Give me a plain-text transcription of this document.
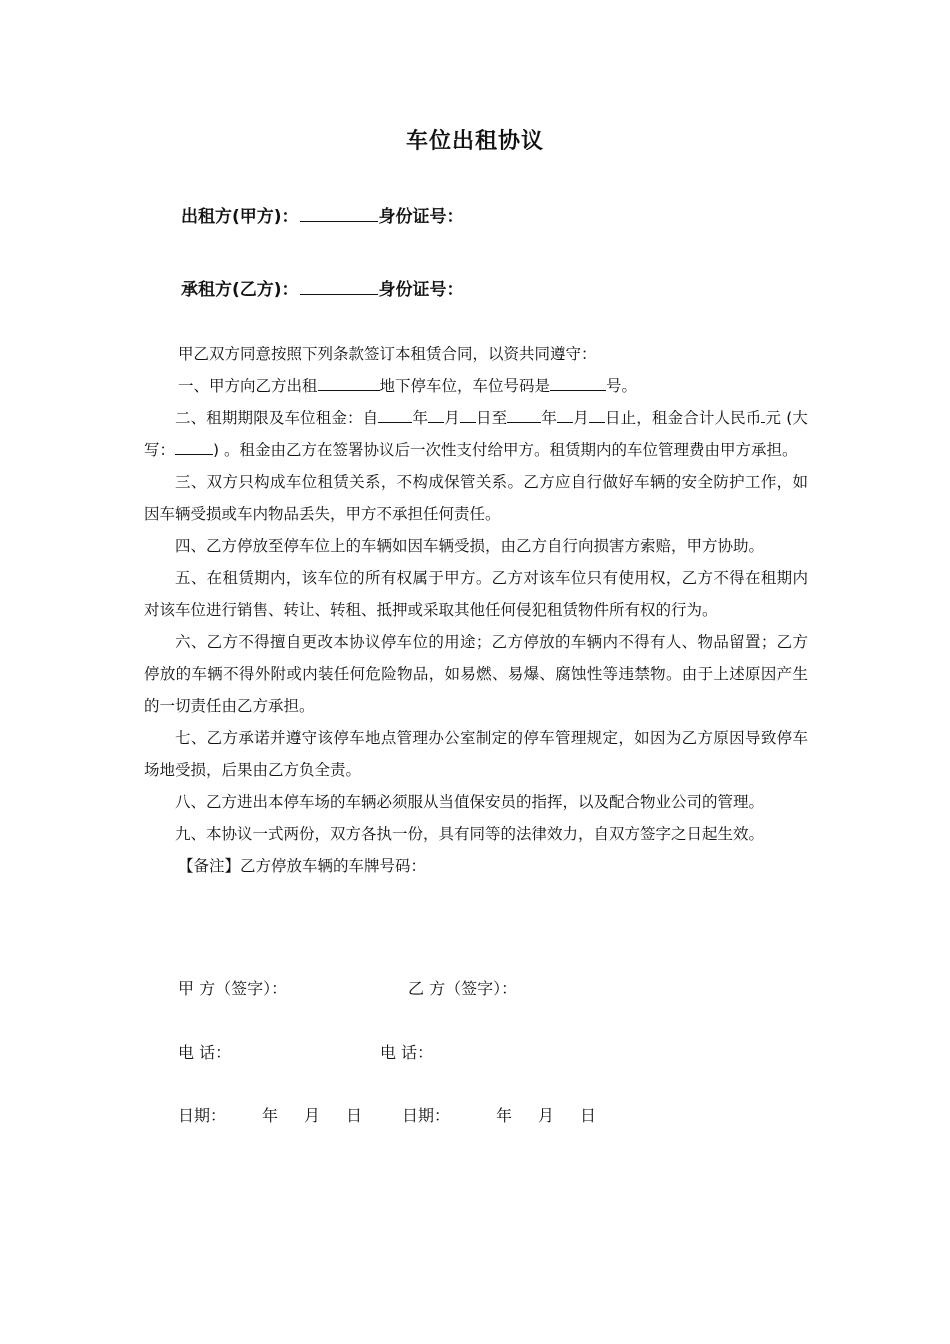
车位出租协议
出租方(甲方)：	身份证号：
承租方(乙方)：	身份证号：

甲乙双方同意按照下列条款签订本租赁合同，以资共同遵守：

一、甲方向乙方出租	地下停车位，车位号码是	号。

二、租期期限及车位租金：自 年 月 日至 年 月 日止，租金合计人民币 元 (大写： ) 。租金由乙方在签署协议后一次性支付给甲方。租赁期内的车位管理费由甲方承担。

三、双方只构成车位租赁关系，不构成保管关系。乙方应自行做好车辆的安全防护工作，如因车辆受损或车内物品丢失，甲方不承担任何责任。

四、乙方停放至停车位上的车辆如因车辆受损，由乙方自行向损害方索赔，甲方协助。

五、在租赁期内，该车位的所有权属于甲方。乙方对该车位只有使用权，乙方不得在租期内对该车位进行销售、转让、转租、抵押或采取其他任何侵犯租赁物件所有权的行为。

六、乙方不得擅自更改本协议停车位的用途；乙方停放的车辆内不得有人、物品留置；乙方停放的车辆不得外附或内装任何危险物品，如易燃、易爆、腐蚀性等违禁物。由于上述原因产生的一切责任由乙方承担。

七、乙方承诺并遵守该停车地点管理办公室制定的停车管理规定，如因为乙方原因导致停车场地受损，后果由乙方负全责。

八、乙方进出本停车场的车辆必须服从当值保安员的指挥，以及配合物业公司的管理。

九、本协议一式两份，双方各执一份，具有同等的法律效力，自双方签字之日起生效。

【备注】乙方停放车辆的车牌号码：

甲 方（签字）：	乙 方（签字）：
电 话：	电 话：
日期： 年 月 日 日期：	年 月 日
